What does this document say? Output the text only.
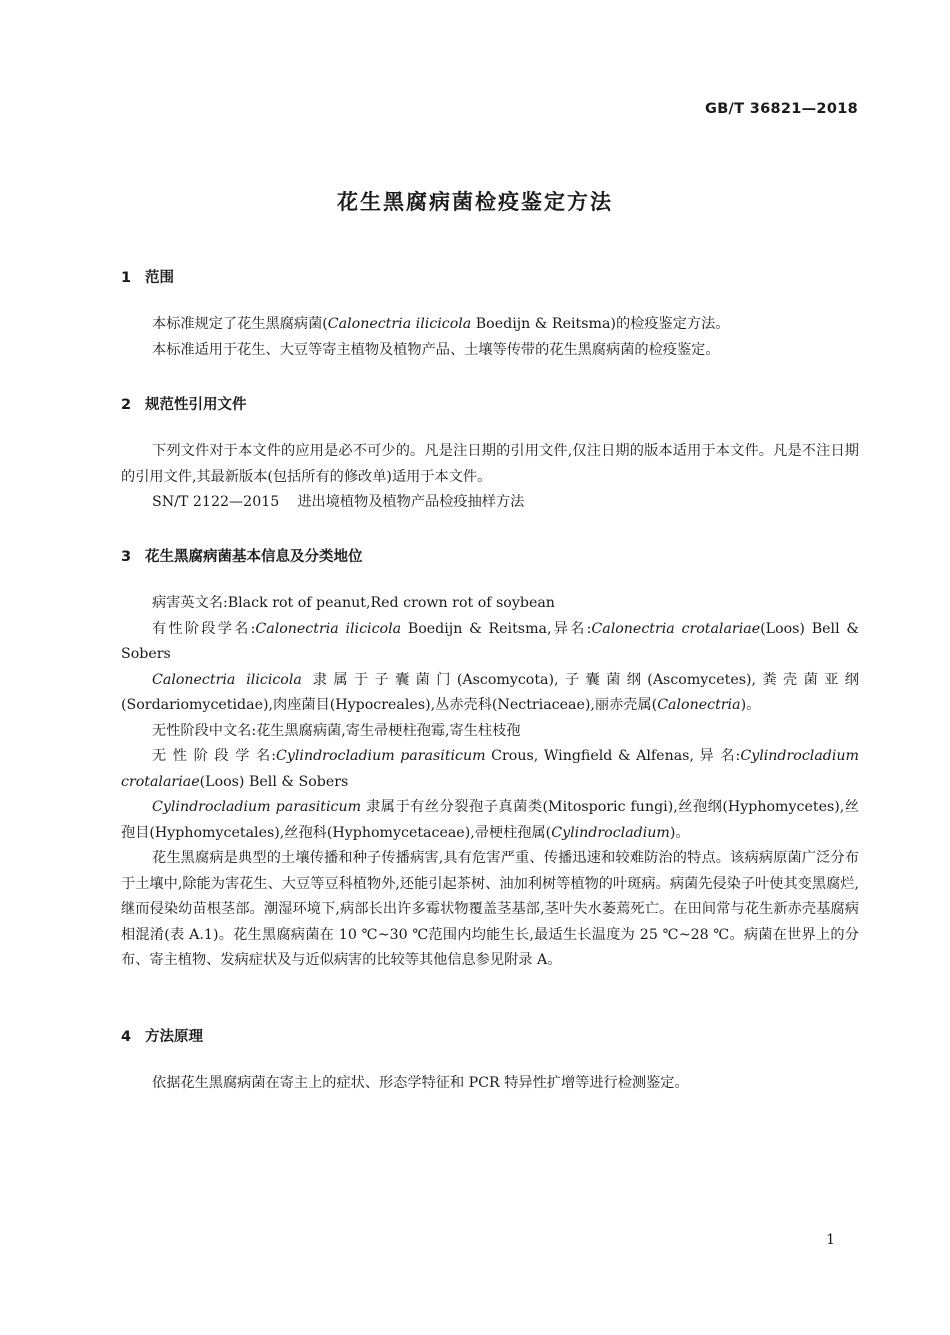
GB/T 36821—2018
花生黑腐病菌检疫鉴定方法
1 范围

本标准规定了花生黑腐病菌(Calonectria ilicicola Boedijn & Reitsma)的检疫鉴定方法。

本标准适用于花生、大豆等寄主植物及植物产品、土壤等传带的花生黑腐病菌的检疫鉴定。

2 规范性引用文件

下列文件对于本文件的应用是必不可少的。凡是注日期的引用文件,仅注日期的版本适用于本文件。凡是不注日期的引用文件,其最新版本(包括所有的修改单)适用于本文件。

SN/T 2122—2015 进出境植物及植物产品检疫抽样方法

3 花生黑腐病菌基本信息及分类地位

病害英文名:Black rot of peanut,Red crown rot of soybean

有性阶段学名:Calonectria ilicicola Boedijn & Reitsma,异名:Calonectria crotalariae(Loos) Bell & Sobers

Calonectria ilicicola 隶属于子囊菌门(Ascomycota),子囊菌纲(Ascomycetes),粪壳菌亚纲(Sordariomycetidae),肉座菌目(Hypocreales),丛赤壳科(Nectriaceae),丽赤壳属(Calonectria)。

无性阶段中文名:花生黑腐病菌,寄生帚梗柱孢霉,寄生柱枝孢

无 性 阶 段 学 名:Cylindrocladium parasiticum Crous, Wingfield & Alfenas, 异 名:Cylindrocladium crotalariae(Loos) Bell & Sobers

Cylindrocladium parasiticum 隶属于有丝分裂孢子真菌类(Mitosporic fungi),丝孢纲(Hyphomycetes),丝孢目(Hyphomycetales),丝孢科(Hyphomycetaceae),帚梗柱孢属(Cylindrocladium)。

花生黑腐病是典型的土壤传播和种子传播病害,具有危害严重、传播迅速和较难防治的特点。该病病原菌广泛分布于土壤中,除能为害花生、大豆等豆科植物外,还能引起茶树、油加利树等植物的叶斑病。病菌先侵染子叶使其变黑腐烂,继而侵染幼苗根茎部。潮湿环境下,病部长出许多霉状物覆盖茎基部,茎叶失水萎蔫死亡。在田间常与花生新赤壳基腐病相混淆(表 A.1)。花生黑腐病菌在 10 ℃~30 ℃范围内均能生长,最适生长温度为 25 ℃~28 ℃。病菌在世界上的分布、寄主植物、发病症状及与近似病害的比较等其他信息参见附录 A。

4 方法原理

依据花生黑腐病菌在寄主上的症状、形态学特征和 PCR 特异性扩增等进行检测鉴定。

1
